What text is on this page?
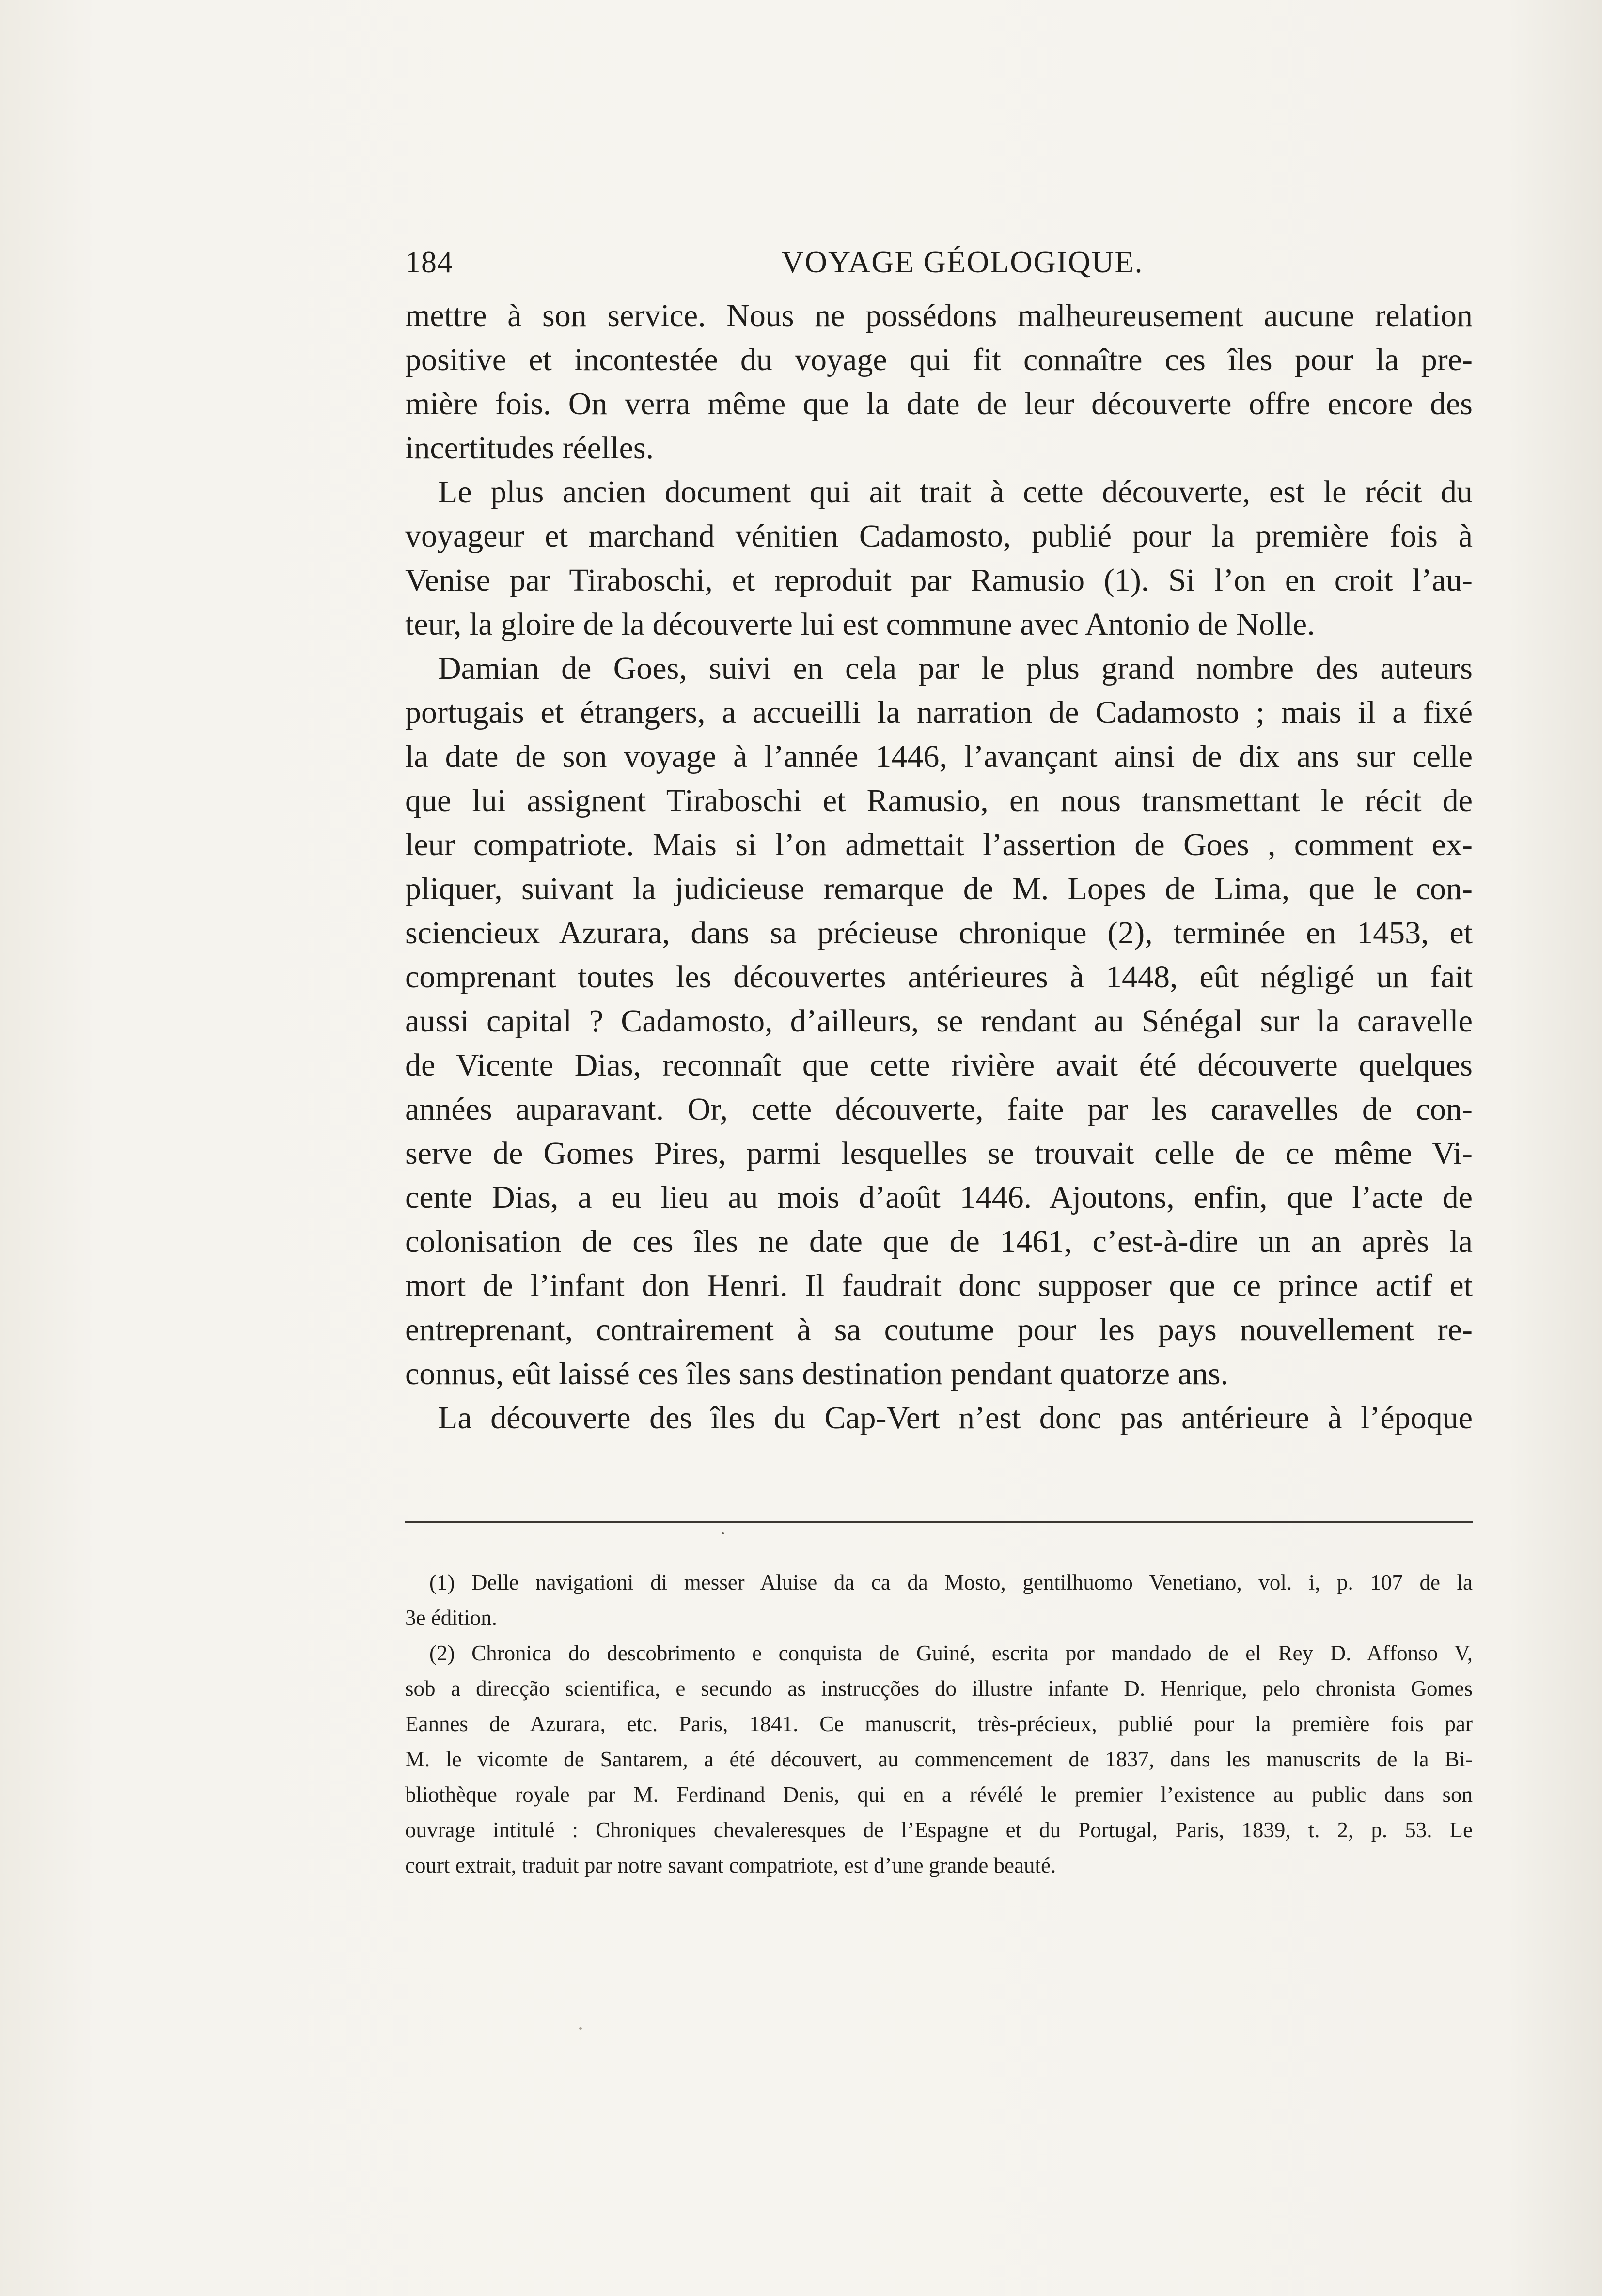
184	VOYAGE GÉOLOGIQUE.
mettre à son service. Nous ne possédons malheureusement aucune relation
positive et incontestée du voyage qui fit connaître ces îles pour la pre-
mière fois. On verra même que la date de leur découverte offre encore des
incertitudes réelles.
Le plus ancien document qui ait trait à cette découverte, est le récit du
voyageur et marchand vénitien Cadamosto, publié pour la première fois à
Venise par Tiraboschi, et reproduit par Ramusio (1). Si l’on en croit l’au-
teur, la gloire de la découverte lui est commune avec Antonio de Nolle.
Damian de Goes, suivi en cela par le plus grand nombre des auteurs
portugais et étrangers, a accueilli la narration de Cadamosto ; mais il a fixé
la date de son voyage à l’année 1446, l’avançant ainsi de dix ans sur celle
que lui assignent Tiraboschi et Ramusio, en nous transmettant le récit de
leur compatriote. Mais si l’on admettait l’assertion de Goes , comment ex-
pliquer, suivant la judicieuse remarque de M. Lopes de Lima, que le con-
sciencieux Azurara, dans sa précieuse chronique (2), terminée en 1453, et
comprenant toutes les découvertes antérieures à 1448, eût négligé un fait
aussi capital ? Cadamosto, d’ailleurs, se rendant au Sénégal sur la caravelle
de Vicente Dias, reconnaît que cette rivière avait été découverte quelques
années auparavant. Or, cette découverte, faite par les caravelles de con-
serve de Gomes Pires, parmi lesquelles se trouvait celle de ce même Vi-
cente Dias, a eu lieu au mois d’août 1446. Ajoutons, enfin, que l’acte de
colonisation de ces îles ne date que de 1461, c’est-à-dire un an après la
mort de l’infant don Henri. Il faudrait donc supposer que ce prince actif et
entreprenant, contrairement à sa coutume pour les pays nouvellement re-
connus, eût laissé ces îles sans destination pendant quatorze ans.
La découverte des îles du Cap-Vert n’est donc pas antérieure à l’époque
(1) Delle navigationi di messer Aluise da ca da Mosto, gentilhuomo Venetiano, vol. i, p. 107 de la
3e édition.
(2) Chronica do descobrimento e conquista de Guiné, escrita por mandado de el Rey D. Affonso V,
sob a direcção scientifica, e secundo as instrucções do illustre infante D. Henrique, pelo chronista Gomes
Eannes de Azurara, etc. Paris, 1841. Ce manuscrit, très-précieux, publié pour la première fois par
M. le vicomte de Santarem, a été découvert, au commencement de 1837, dans les manuscrits de la Bi-
bliothèque royale par M. Ferdinand Denis, qui en a révélé le premier l’existence au public dans son
ouvrage intitulé : Chroniques chevaleresques de l’Espagne et du Portugal, Paris, 1839, t. 2, p. 53. Le
court extrait, traduit par notre savant compatriote, est d’une grande beauté.
